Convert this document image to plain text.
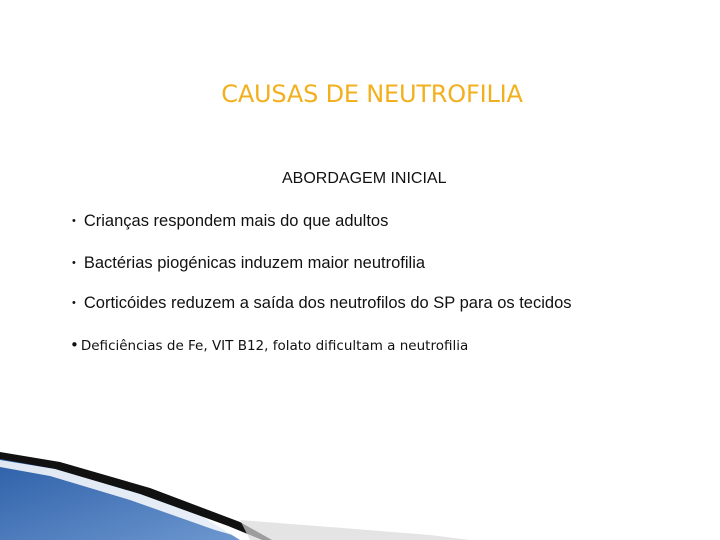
CAUSAS DE NEUTROFILIA
ABORDAGEM INICIAL
• Crianças respondem mais do que adultos
• Bactérias piogénicas induzem maior neutrofilia
• Corticóides reduzem a saída dos neutrofilos do SP para os tecidos
• Deficiências de Fe, VIT B12, folato dificultam a neutrofilia
